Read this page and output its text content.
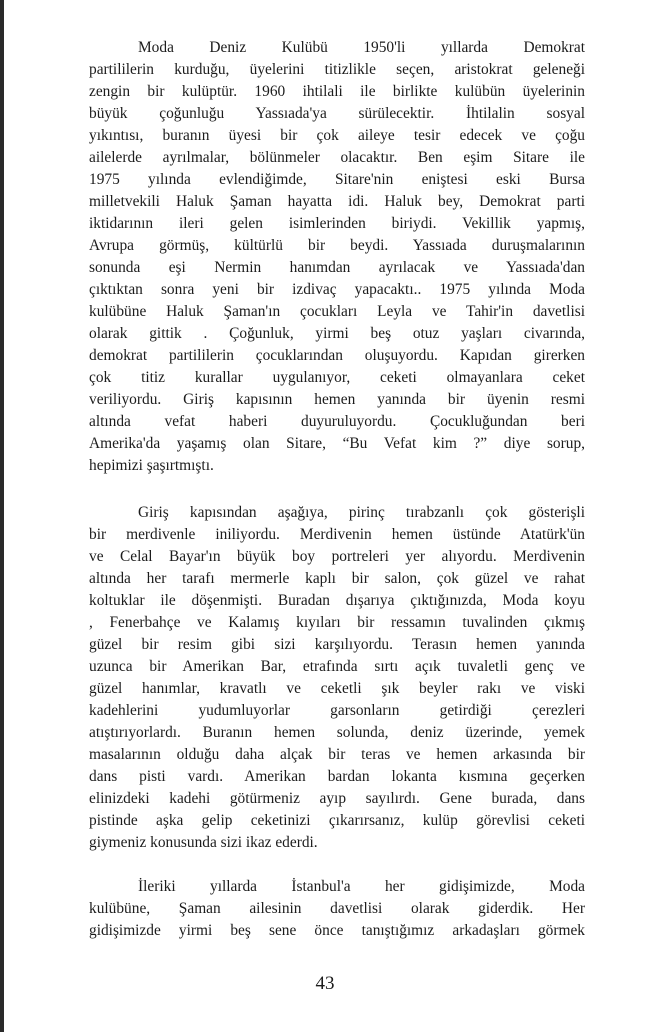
Moda Deniz Kulübü 1950'li yıllarda Demokrat
partililerin kurduğu, üyelerini titizlikle seçen, aristokrat geleneği
zengin bir kulüptür. 1960 ihtilali ile birlikte kulübün üyelerinin
büyük çoğunluğu Yassıada'ya sürülecektir. İhtilalin sosyal
yıkıntısı, buranın üyesi bir çok aileye tesir edecek ve çoğu
ailelerde ayrılmalar, bölünmeler olacaktır. Ben eşim Sitare ile
1975 yılında evlendiğimde, Sitare'nin eniştesi eski Bursa
milletvekili Haluk Şaman hayatta idi. Haluk bey, Demokrat parti
iktidarının ileri gelen isimlerinden biriydi. Vekillik yapmış,
Avrupa görmüş, kültürlü bir beydi. Yassıada duruşmalarının
sonunda eşi Nermin hanımdan ayrılacak ve Yassıada'dan
çıktıktan sonra yeni bir izdivaç yapacaktı.. 1975 yılında Moda
kulübüne Haluk Şaman'ın çocukları Leyla ve Tahir'in davetlisi
olarak gittik . Çoğunluk, yirmi beş otuz yaşları civarında,
demokrat partililerin çocuklarından oluşuyordu. Kapıdan girerken
çok titiz kurallar uygulanıyor, ceketi olmayanlara ceket
veriliyordu. Giriş kapısının hemen yanında bir üyenin resmi
altında vefat haberi duyuruluyordu. Çocukluğundan beri
Amerika'da yaşamış olan Sitare, “Bu Vefat kim ?” diye sorup,
hepimizi şaşırtmıştı.
Giriş kapısından aşağıya, pirinç tırabzanlı çok gösterişli
bir merdivenle iniliyordu. Merdivenin hemen üstünde Atatürk'ün
ve Celal Bayar'ın büyük boy portreleri yer alıyordu. Merdivenin
altında her tarafı mermerle kaplı bir salon, çok güzel ve rahat
koltuklar ile döşenmişti. Buradan dışarıya çıktığınızda, Moda koyu
, Fenerbahçe ve Kalamış kıyıları bir ressamın tuvalinden çıkmış
güzel bir resim gibi sizi karşılıyordu. Terasın hemen yanında
uzunca bir Amerikan Bar, etrafında sırtı açık tuvaletli genç ve
güzel hanımlar, kravatlı ve ceketli şık beyler rakı ve viski
kadehlerini yudumluyorlar garsonların getirdiği çerezleri
atıştırıyorlardı. Buranın hemen solunda, deniz üzerinde, yemek
masalarının olduğu daha alçak bir teras ve hemen arkasında bir
dans pisti vardı. Amerikan bardan lokanta kısmına geçerken
elinizdeki kadehi götürmeniz ayıp sayılırdı. Gene burada, dans
pistinde aşka gelip ceketinizi çıkarırsanız, kulüp görevlisi ceketi
giymeniz konusunda sizi ikaz ederdi.
İleriki yıllarda İstanbul'a her gidişimizde, Moda
kulübüne, Şaman ailesinin davetlisi olarak giderdik. Her
gidişimizde yirmi beş sene önce tanıştığımız arkadaşları görmek
43
